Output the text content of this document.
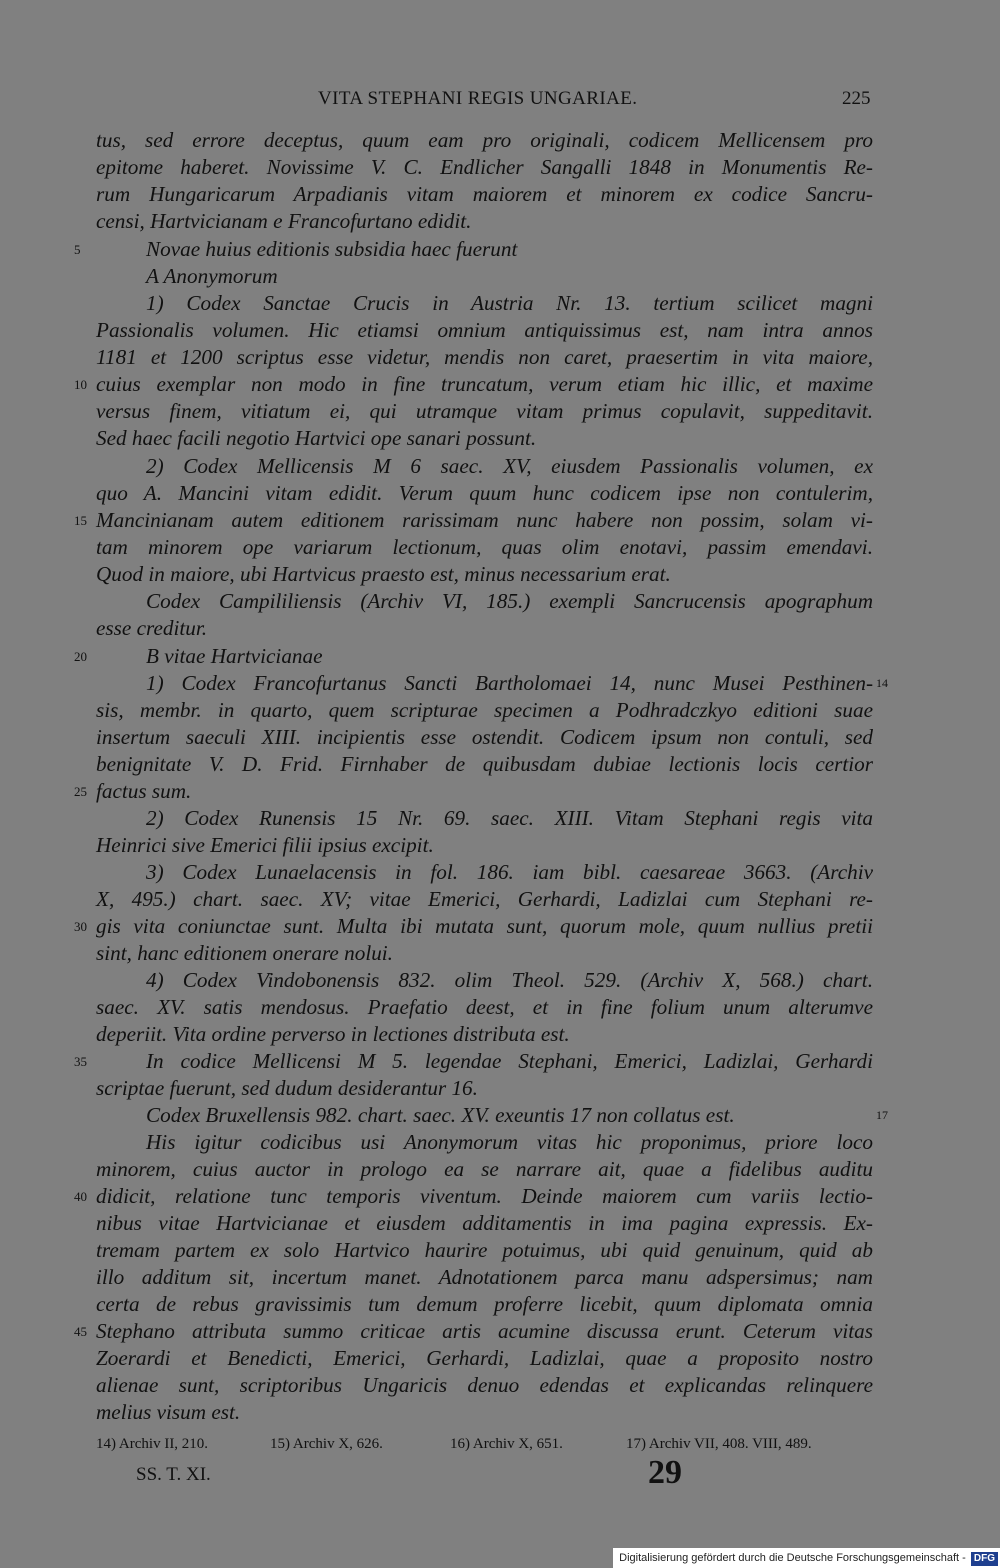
VITA STEPHANI REGIS UNGARIAE.	225
tus, sed errore deceptus, quum eam pro originali, codicem Mellicensem pro
epitome haberet. Novissime V. C. Endlicher Sangalli 1848 in Monumentis Re-
rum Hungaricarum Arpadianis vitam maiorem et minorem ex codice Sancru-
censi, Hartvicianam e Francofurtano edidit.
Novae huius editionis subsidia haec fuerunt
A Anonymorum
1) Codex Sanctae Crucis in Austria Nr. 13. tertium scilicet magni
Passionalis volumen. Hic etiamsi omnium antiquissimus est, nam intra annos
1181 et 1200 scriptus esse videtur, mendis non caret, praesertim in vita maiore,
cuius exemplar non modo in fine truncatum, verum etiam hic illic, et maxime
versus finem, vitiatum ei, qui utramque vitam primus copulavit, suppeditavit.
Sed haec facili negotio Hartvici ope sanari possunt.
2) Codex Mellicensis M 6 saec. XV, eiusdem Passionalis volumen, ex
quo A. Mancini vitam edidit. Verum quum hunc codicem ipse non contulerim,
Mancinianam autem editionem rarissimam nunc habere non possim, solam vi-
tam minorem ope variarum lectionum, quas olim enotavi, passim emendavi.
Quod in maiore, ubi Hartvicus praesto est, minus necessarium erat.
Codex Campililiensis (Archiv VI, 185.) exempli Sancrucensis apographum
esse creditur.
B vitae Hartvicianae
1) Codex Francofurtanus Sancti Bartholomaei 14, nunc Musei Pesthinen-
sis, membr. in quarto, quem scripturae specimen a Podhradczkyo editioni suae
insertum saeculi XIII. incipientis esse ostendit. Codicem ipsum non contuli, sed
benignitate V. D. Frid. Firnhaber de quibusdam dubiae lectionis locis certior
factus sum.
2) Codex Runensis 15 Nr. 69. saec. XIII. Vitam Stephani regis vita
Heinrici sive Emerici filii ipsius excipit.
3) Codex Lunaelacensis in fol. 186. iam bibl. caesareae 3663. (Archiv
X, 495.) chart. saec. XV; vitae Emerici, Gerhardi, Ladizlai cum Stephani re-
gis vita coniunctae sunt. Multa ibi mutata sunt, quorum mole, quum nullius pretii
sint, hanc editionem onerare nolui.
4) Codex Vindobonensis 832. olim Theol. 529. (Archiv X, 568.) chart.
saec. XV. satis mendosus. Praefatio deest, et in fine folium unum alterumve
deperiit. Vita ordine perverso in lectiones distributa est.
In codice Mellicensi M 5. legendae Stephani, Emerici, Ladizlai, Gerhardi
scriptae fuerunt, sed dudum desiderantur 16.
Codex Bruxellensis 982. chart. saec. XV. exeuntis 17 non collatus est.
His igitur codicibus usi Anonymorum vitas hic proponimus, priore loco
minorem, cuius auctor in prologo ea se narrare ait, quae a fidelibus auditu
didicit, relatione tunc temporis viventum. Deinde maiorem cum variis lectio-
nibus vitae Hartvicianae et eiusdem additamentis in ima pagina expressis. Ex-
tremam partem ex solo Hartvico haurire potuimus, ubi quid genuinum, quid ab
illo additum sit, incertum manet. Adnotationem parca manu adspersimus; nam
certa de rebus gravissimis tum demum proferre licebit, quum diplomata omnia
Stephano attributa summo criticae artis acumine discussa erunt. Ceterum vitas
Zoerardi et Benedicti, Emerici, Gerhardi, Ladizlai, quae a proposito nostro
alienae sunt, scriptoribus Ungaricis denuo edendas et explicandas relinquere
melius visum est.
5
10
15
20
25
30
35
40
45
14
17
14) Archiv II, 210.	15) Archiv X, 626.	16) Archiv X, 651.	17) Archiv VII, 408. VIII, 489.
SS. T. XI.	29
Digitalisierung gefördert durch die Deutsche Forschungsgemeinschaft - DFG
